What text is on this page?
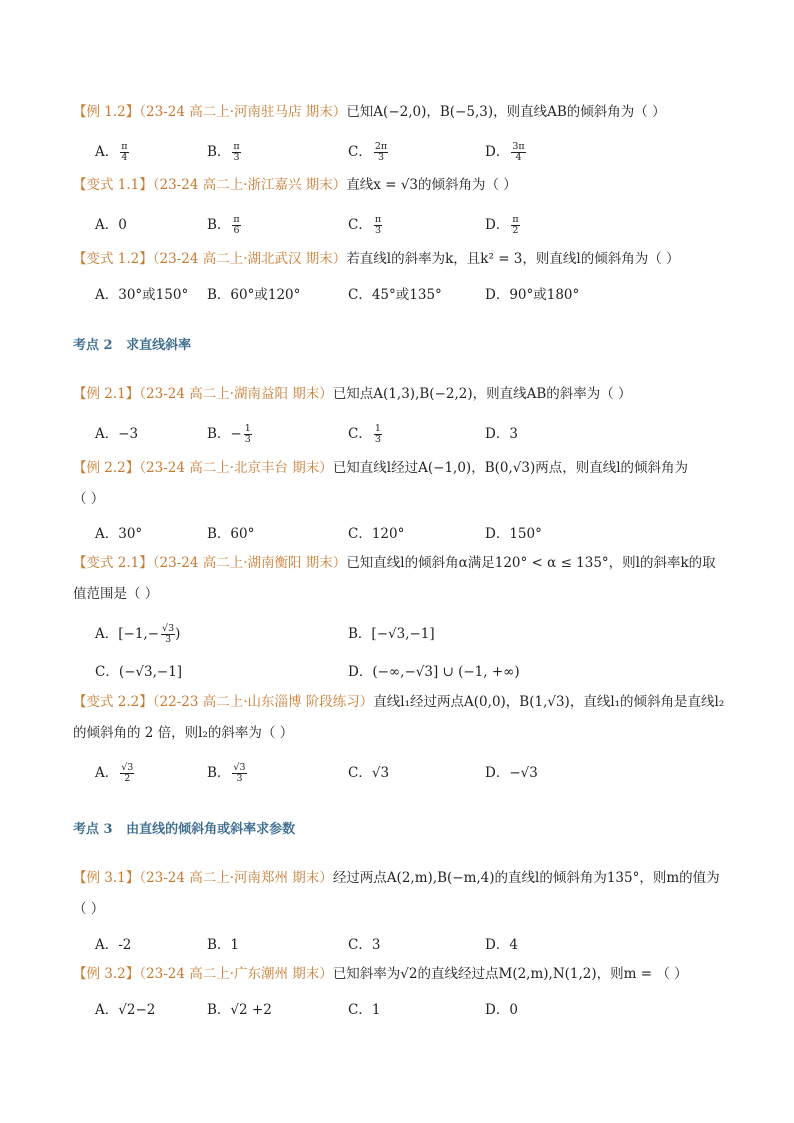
【例 1.2】（23-24 高二上·河南驻马店 期末）已知A(−2,0)，B(−5,3)，则直线AB的倾斜角为（ ）
A． $\frac{\pi}{4}$	B． $\frac{\pi}{3}$	C． $\frac{2\pi}{3}$	D． $\frac{3\pi}{4}$
【变式 1.1】（23-24 高二上·浙江嘉兴 期末）直线x = √3的倾斜角为（ ）
A．0	B． $\frac{\pi}{6}$	C． $\frac{\pi}{3}$	D． $\frac{\pi}{2}$
【变式 1.2】（23-24 高二上·湖北武汉 期末）若直线l的斜率为k，且k² = 3，则直线l的倾斜角为（ ）
A．30°或150° B．60°或120°	C．45°或135°	D．90°或180°
考点 2 求直线斜率
【例 2.1】（23-24 高二上·湖南益阳 期末）已知点A(1,3),B(−2,2)，则直线AB的斜率为（ ）
A．−3	B．− $\frac{1}{3}$	C． $\frac{1}{3}$	D．3
【例 2.2】（23-24 高二上·北京丰台 期末）已知直线l经过A(−1,0)，B(0,√3)两点，则直线l的倾斜角为
（ ）
A．30°	B．60°	C．120°	D．150°
【变式 2.1】（23-24 高二上·湖南衡阳 期末）已知直线l的倾斜角α满足120° < α ≤ 135°，则l的斜率k的取
值范围是（ ）
A．[$-1,- \frac{√3}{3}$ )	B．[−√3,−1]
C．(−√3,−1]	D．(−∞,−√3] ∪ (−1, +∞)
【变式 2.2】（22-23 高二上·山东淄博 阶段练习）直线l₁经过两点A(0,0)，B(1,√3)，直线l₁的倾斜角是直线l₂
的倾斜角的 2 倍，则l₂的斜率为（ ）
A． $\frac{√3}{2}$	B． $\frac{√3}{3}$	C．√3	D．−√3
考点 3 由直线的倾斜角或斜率求参数
【例 3.1】（23-24 高二上·河南郑州 期末）经过两点A(2,m),B(−m,4)的直线l的倾斜角为135°，则m的值为
（ ）
A．-2	B．1	C．3	D．4
【例 3.2】（23-24 高二上·广东潮州 期末）已知斜率为√2的直线经过点M(2,m),N(1,2)，则m = （ ）
A．√2−2	B．√2 +2	C．1	D．0
